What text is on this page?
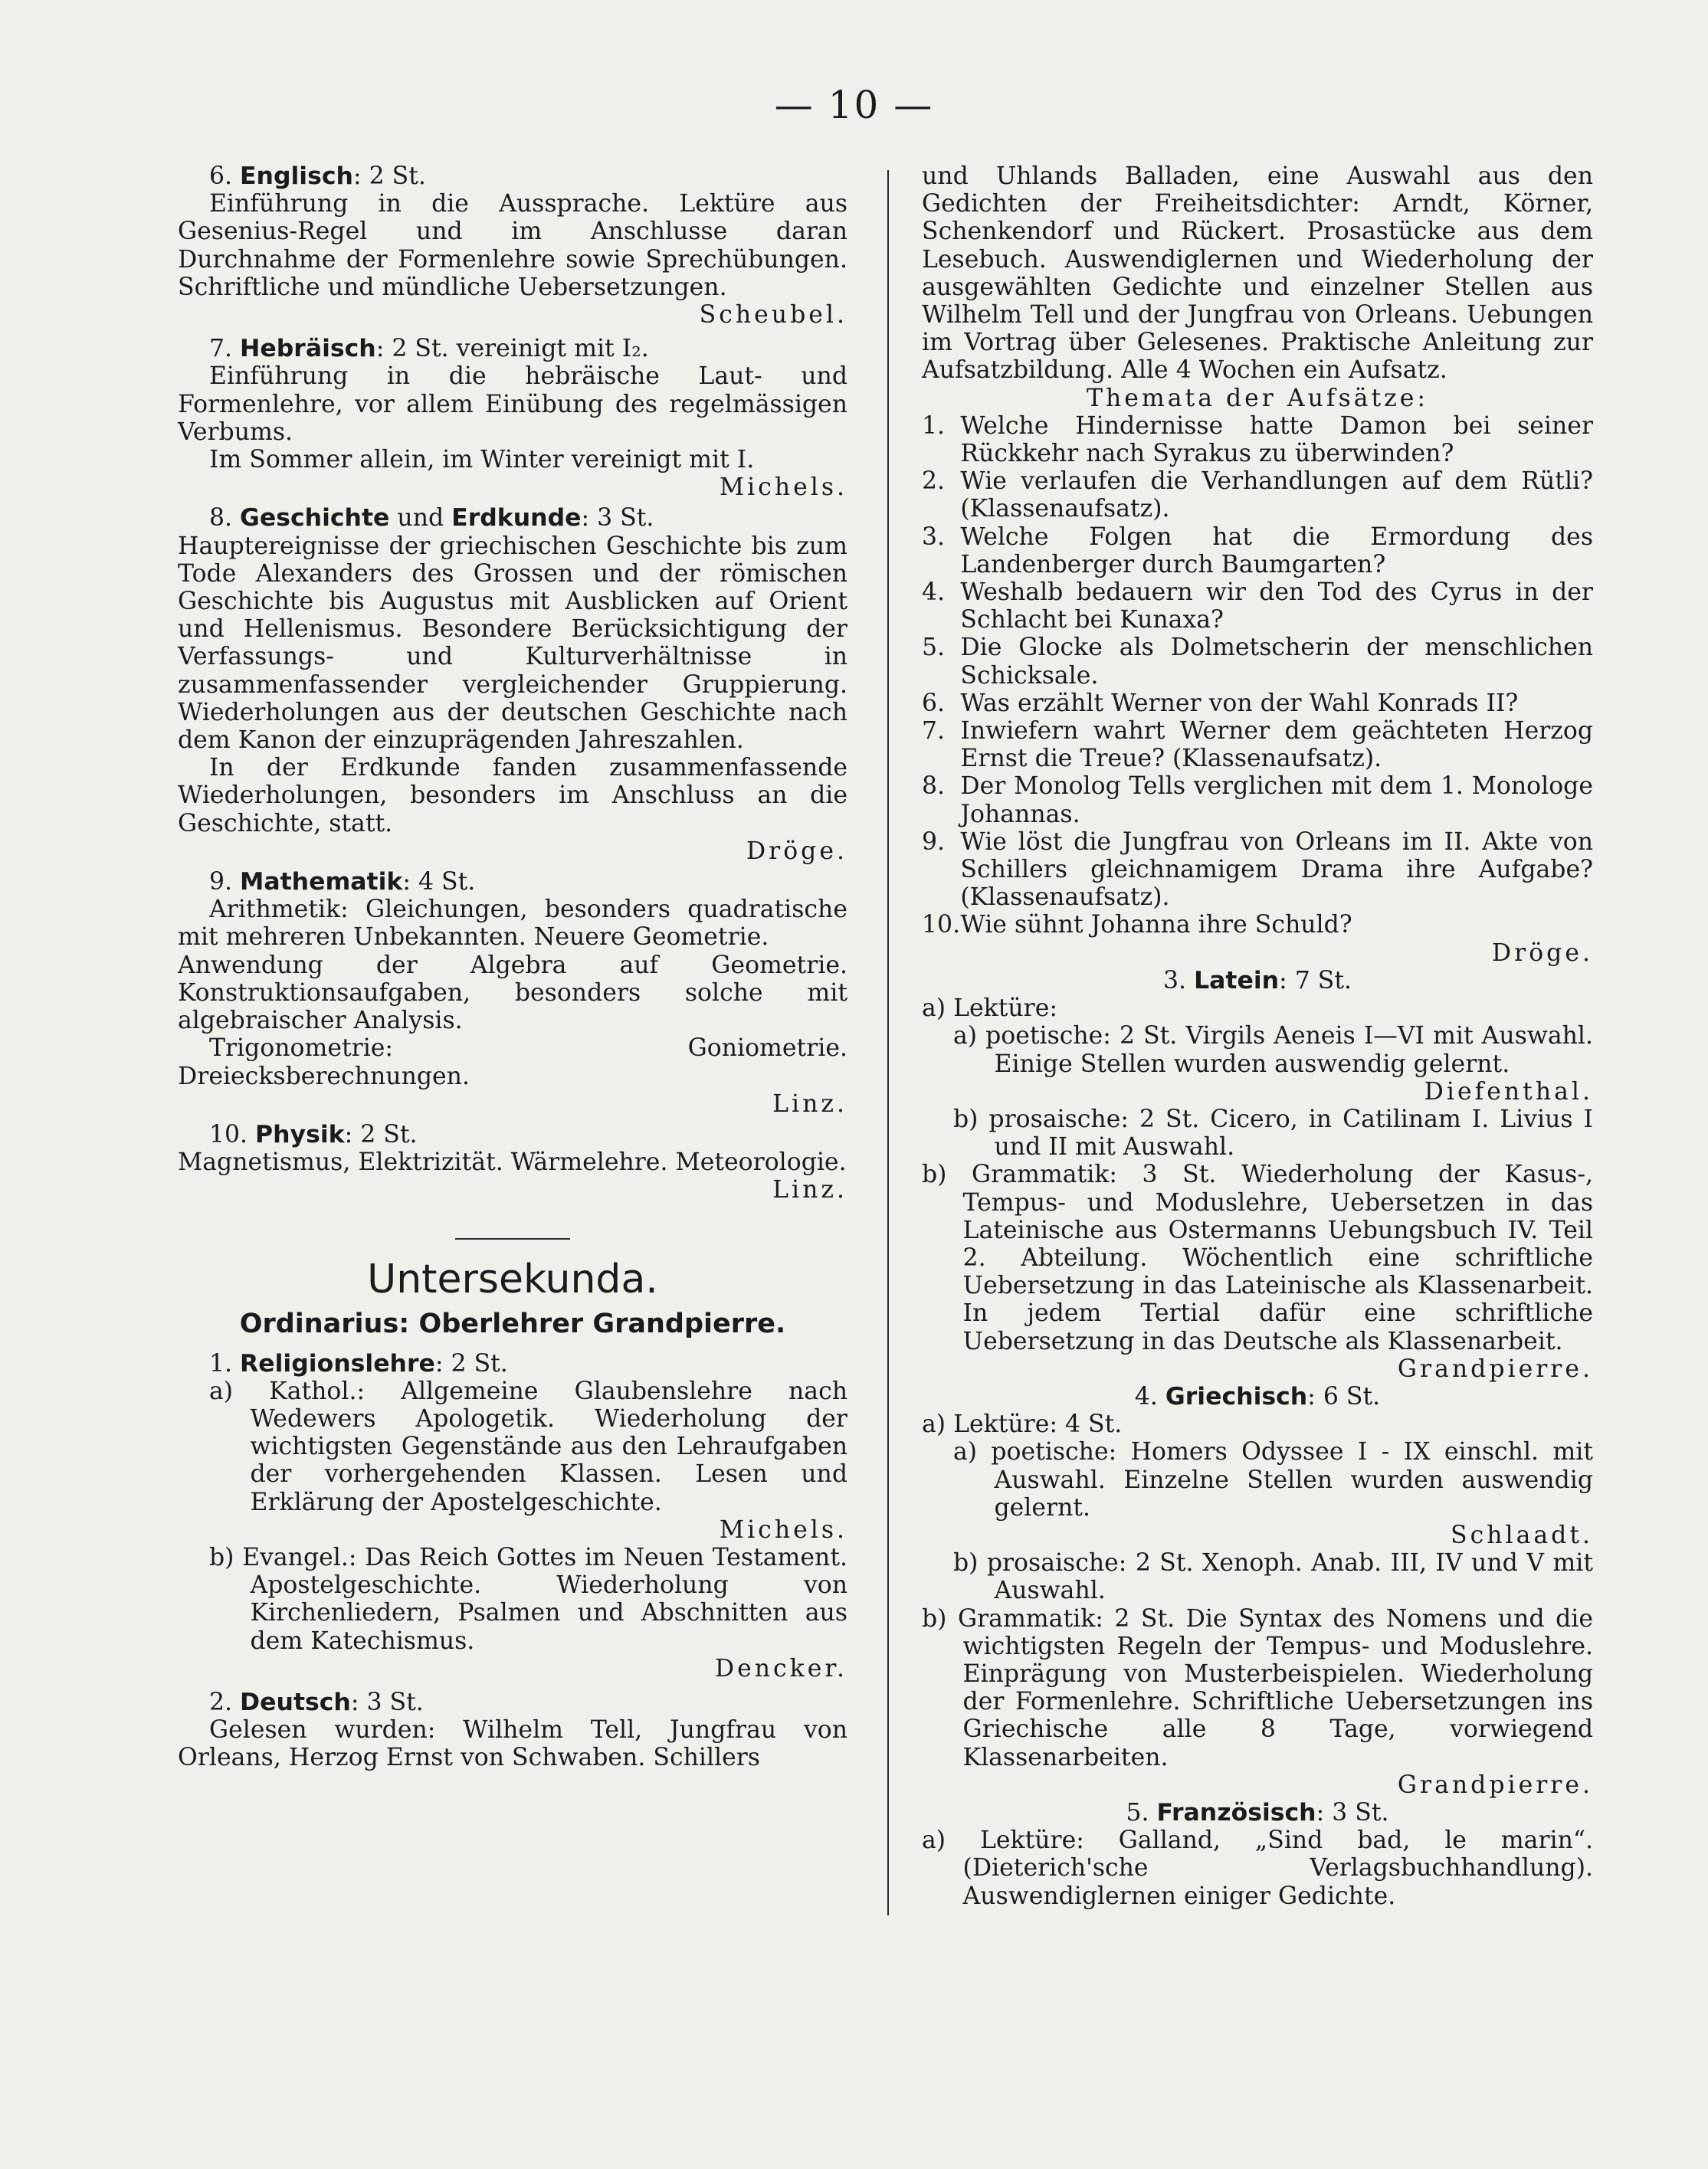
— 10 —

6. Englisch: 2 St.

Einführung in die Aussprache. Lektüre aus Gesenius-Regel und im Anschlusse daran Durchnahme der Formenlehre sowie Sprechübungen. Schriftliche und mündliche Uebersetzungen.

Scheubel.

7. Hebräisch: 2 St. vereinigt mit I₂.

Einführung in die hebräische Laut- und Formenlehre, vor allem Einübung des regelmässigen Verbums.

Im Sommer allein, im Winter vereinigt mit I.

Michels.

8. Geschichte und Erdkunde: 3 St.

Hauptereignisse der griechischen Geschichte bis zum Tode Alexanders des Grossen und der römischen Geschichte bis Augustus mit Ausblicken auf Orient und Hellenismus. Besondere Berücksichtigung der Verfassungs- und Kulturverhältnisse in zusammenfassender vergleichender Gruppierung. Wiederholungen aus der deutschen Geschichte nach dem Kanon der einzuprägenden Jahreszahlen.

In der Erdkunde fanden zusammenfassende Wiederholungen, besonders im Anschluss an die Geschichte, statt.

Dröge.

9. Mathematik: 4 St.

Arithmetik: Gleichungen, besonders quadratische mit mehreren Unbekannten. Neuere Geometrie.

Anwendung der Algebra auf Geometrie. Konstruktionsaufgaben, besonders solche mit algebraischer Analysis.

Trigonometrie: Goniometrie. Dreiecksberechnungen.

Linz.

10. Physik: 2 St.

Magnetismus, Elektrizität. Wärmelehre. Meteorologie.

Linz.

Untersekunda.

Ordinarius: Oberlehrer Grandpierre.

1. Religionslehre: 2 St.

a) Kathol.: Allgemeine Glaubenslehre nach Wedewers Apologetik. Wiederholung der wichtigsten Gegenstände aus den Lehraufgaben der vorhergehenden Klassen. Lesen und Erklärung der Apostelgeschichte.

Michels.

b) Evangel.: Das Reich Gottes im Neuen Testament. Apostelgeschichte. Wiederholung von Kirchenliedern, Psalmen und Abschnitten aus dem Katechismus.

Dencker.

2. Deutsch: 3 St.

Gelesen wurden: Wilhelm Tell, Jungfrau von Orleans, Herzog Ernst von Schwaben. Schillers

und Uhlands Balladen, eine Auswahl aus den Gedichten der Freiheitsdichter: Arndt, Körner, Schenkendorf und Rückert. Prosastücke aus dem Lesebuch. Auswendiglernen und Wiederholung der ausgewählten Gedichte und einzelner Stellen aus Wilhelm Tell und der Jungfrau von Orleans. Uebungen im Vortrag über Gelesenes. Praktische Anleitung zur Aufsatzbildung. Alle 4 Wochen ein Aufsatz.

Themata der Aufsätze:

1. Welche Hindernisse hatte Damon bei seiner Rückkehr nach Syrakus zu überwinden?

2. Wie verlaufen die Verhandlungen auf dem Rütli? (Klassenaufsatz).

3. Welche Folgen hat die Ermordung des Landenberger durch Baumgarten?

4. Weshalb bedauern wir den Tod des Cyrus in der Schlacht bei Kunaxa?

5. Die Glocke als Dolmetscherin der menschlichen Schicksale.

6. Was erzählt Werner von der Wahl Konrads II?

7. Inwiefern wahrt Werner dem geächteten Herzog Ernst die Treue? (Klassenaufsatz).

8. Der Monolog Tells verglichen mit dem 1. Monologe Johannas.

9. Wie löst die Jungfrau von Orleans im II. Akte von Schillers gleichnamigem Drama ihre Aufgabe? (Klassenaufsatz).

10.Wie sühnt Johanna ihre Schuld?

Dröge.

3. Latein: 7 St.

a) Lektüre:

a) poetische: 2 St. Virgils Aeneis I—VI mit Auswahl. Einige Stellen wurden auswendig gelernt.

Diefenthal.

b) prosaische: 2 St. Cicero, in Catilinam I. Livius I und II mit Auswahl.

b) Grammatik: 3 St. Wiederholung der Kasus-, Tempus- und Moduslehre, Uebersetzen in das Lateinische aus Ostermanns Uebungsbuch IV. Teil 2. Abteilung. Wöchentlich eine schriftliche Uebersetzung in das Lateinische als Klassenarbeit. In jedem Tertial dafür eine schriftliche Uebersetzung in das Deutsche als Klassenarbeit.

Grandpierre.

4. Griechisch: 6 St.

a) Lektüre: 4 St.

a) poetische: Homers Odyssee I - IX einschl. mit Auswahl. Einzelne Stellen wurden auswendig gelernt.

Schlaadt.

b) prosaische: 2 St. Xenoph. Anab. III, IV und V mit Auswahl.

b) Grammatik: 2 St. Die Syntax des Nomens und die wichtigsten Regeln der Tempus- und Moduslehre. Einprägung von Musterbeispielen. Wiederholung der Formenlehre. Schriftliche Uebersetzungen ins Griechische alle 8 Tage, vorwiegend Klassenarbeiten.

Grandpierre.

5. Französisch: 3 St.

a) Lektüre: Galland, „Sind bad, le marin“. (Dieterich'sche Verlagsbuchhandlung). Auswendiglernen einiger Gedichte.
